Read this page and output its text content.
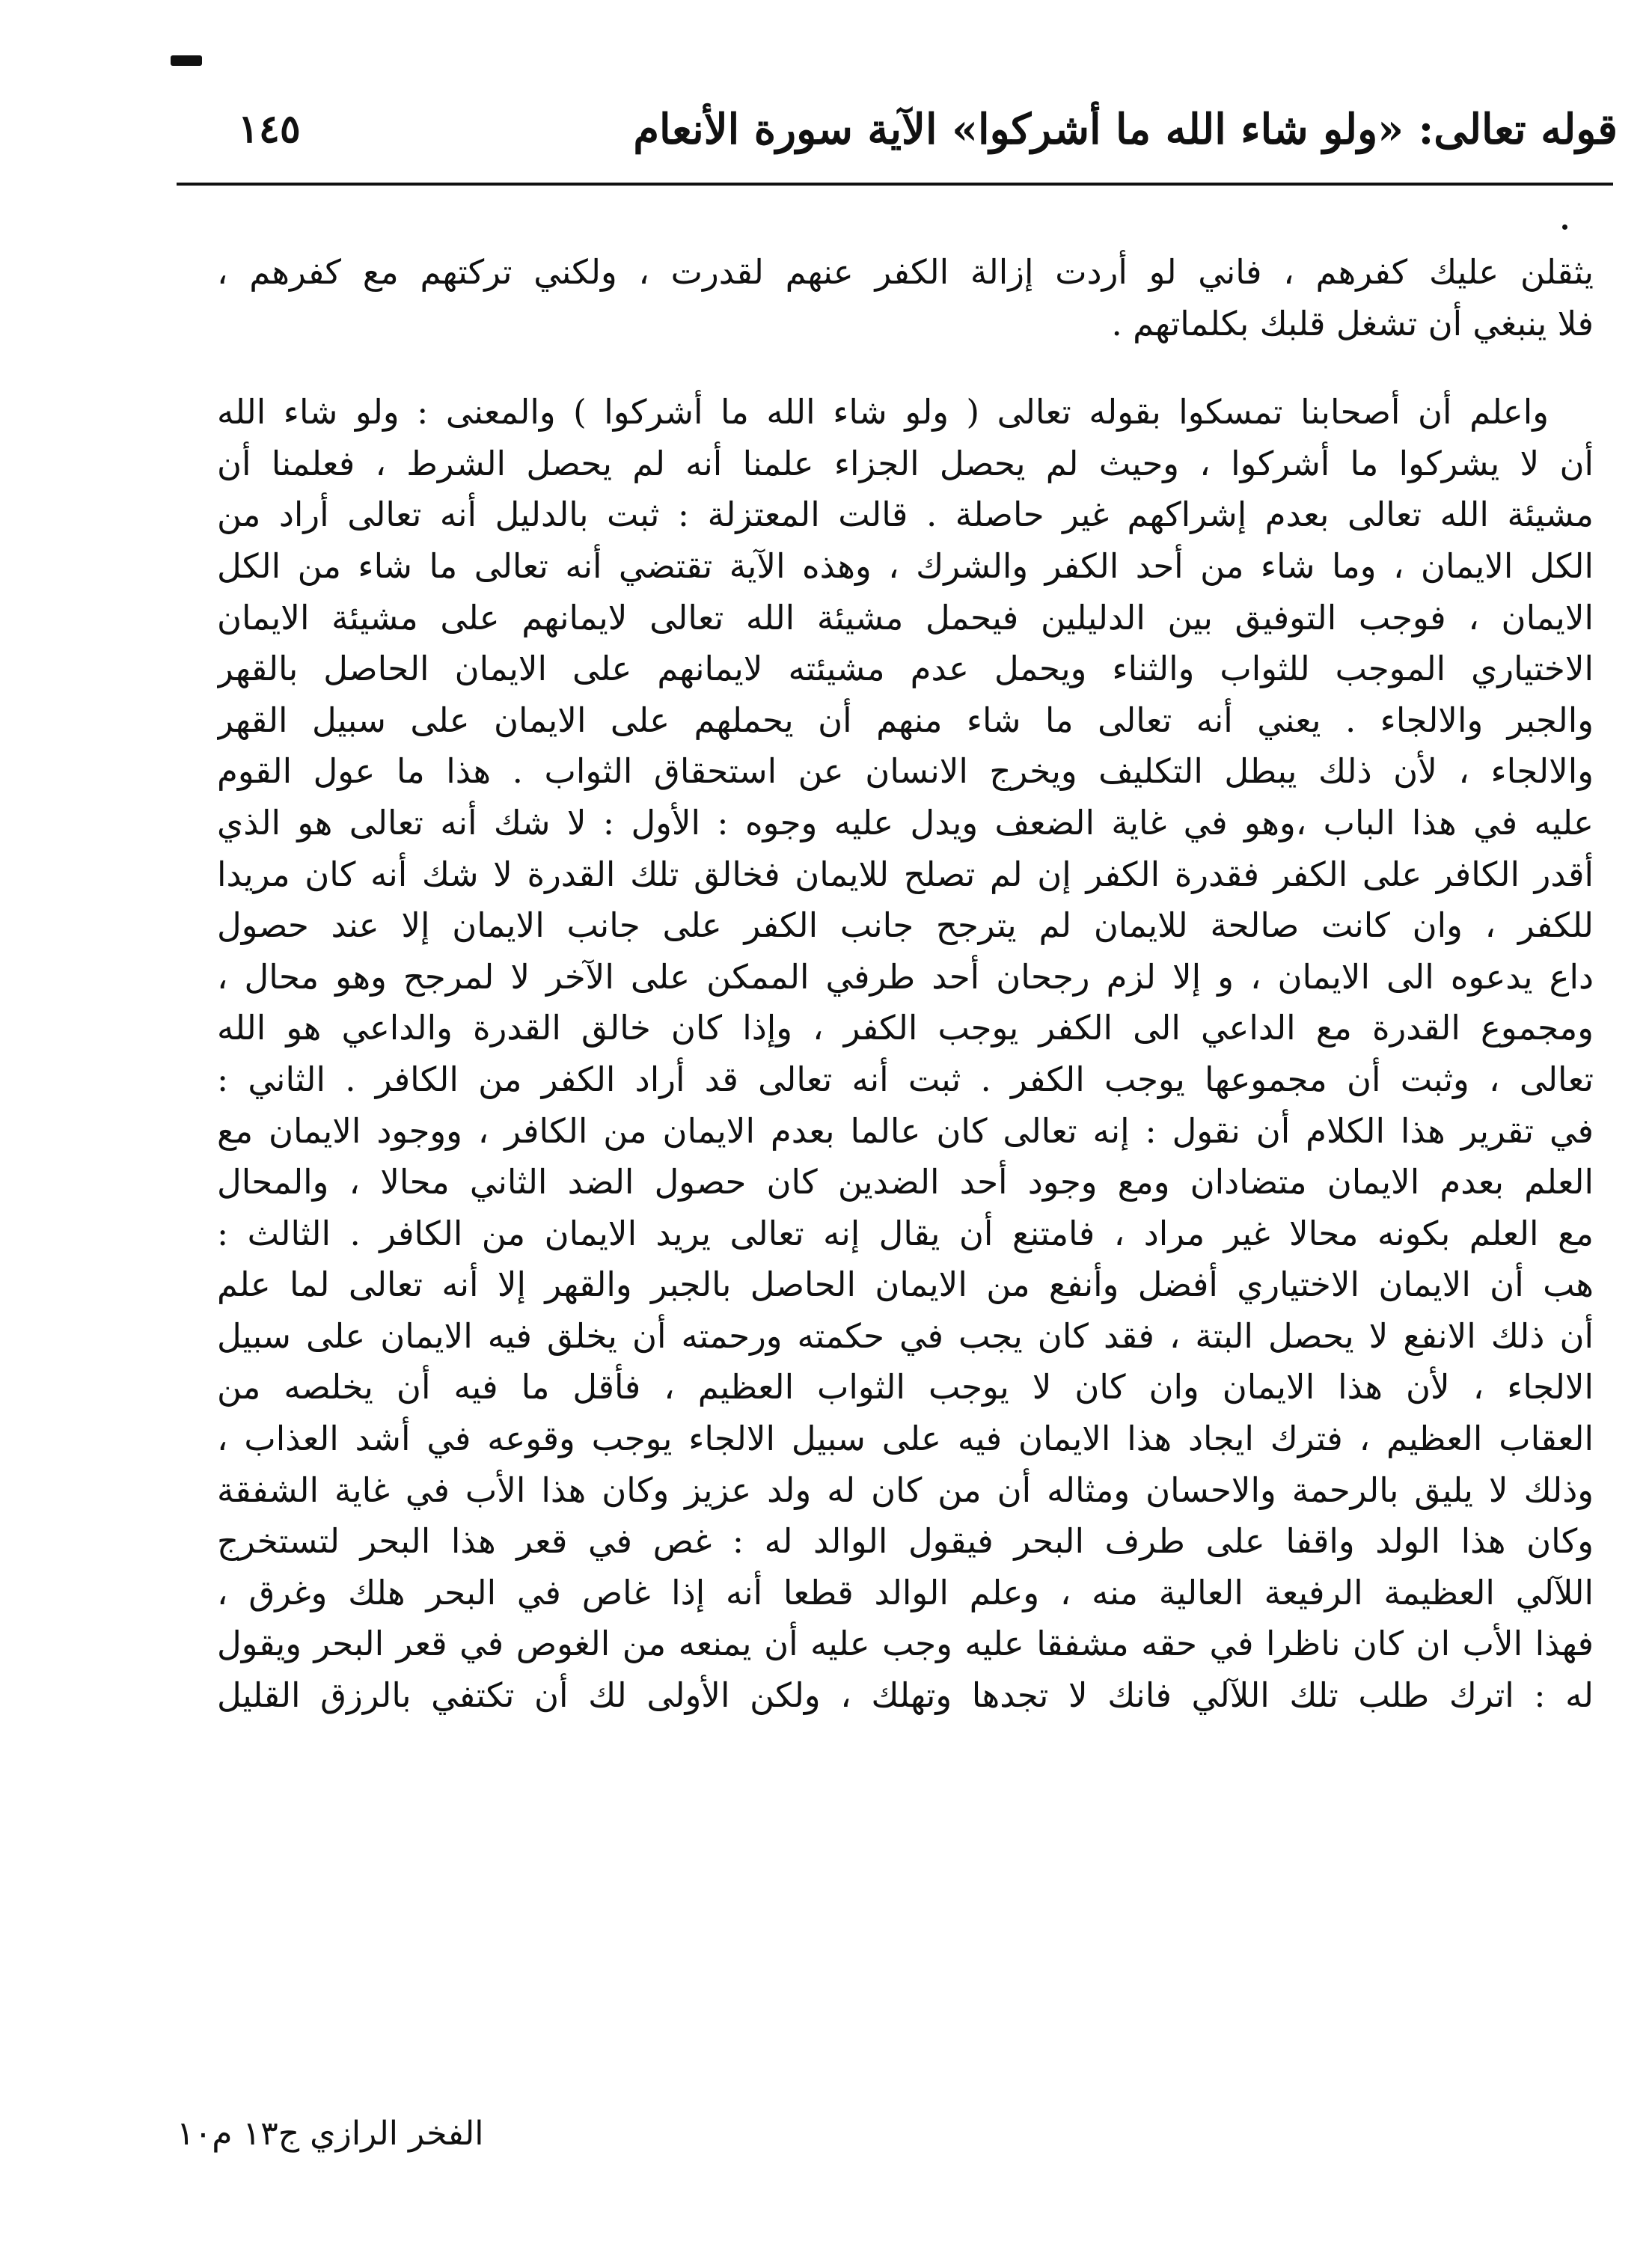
قوله تعالى: «ولو شاء الله ما أشركوا» الآية سورة الأنعام
١٤٥
يثقلن عليك كفرهم ، فاني لو أردت إزالة الكفر عنهم لقدرت ، ولكني تركتهم مع كفرهم ،
فلا ينبغي أن تشغل قلبك بكلماتهم .
واعلم أن أصحابنا تمسكوا بقوله تعالى ( ولو شاء الله ما أشركوا ) والمعنى : ولو شاء الله
أن لا يشركوا ما أشركوا ، وحيث لم يحصل الجزاء علمنا أنه لم يحصل الشرط ، فعلمنا أن
مشيئة الله تعالى بعدم إشراكهم غير حاصلة . قالت المعتزلة : ثبت بالدليل أنه تعالى أراد من
الكل الايمان ، وما شاء من أحد الكفر والشرك ، وهذه الآية تقتضي أنه تعالى ما شاء من الكل
الايمان ، فوجب التوفيق بين الدليلين فيحمل مشيئة الله تعالى لايمانهم على مشيئة الايمان
الاختياري الموجب للثواب والثناء ويحمل عدم مشيئته لايمانهم على الايمان الحاصل بالقهر
والجبر والالجاء . يعني أنه تعالى ما شاء منهم أن يحملهم على الايمان على سبيل القهر
والالجاء ، لأن ذلك يبطل التكليف ويخرج الانسان عن استحقاق الثواب . هذا ما عول القوم
عليه في هذا الباب ،وهو في غاية الضعف ويدل عليه وجوه : الأول : لا شك أنه تعالى هو الذي
أقدر الكافر على الكفر فقدرة الكفر إن لم تصلح للايمان فخالق تلك القدرة لا شك أنه كان مريدا
للكفر ، وان كانت صالحة للايمان لم يترجح جانب الكفر على جانب الايمان إلا عند حصول
داع يدعوه الى الايمان ، و إلا لزم رجحان أحد طرفي الممكن على الآخر لا لمرجح وهو محال ،
ومجموع القدرة مع الداعي الى الكفر يوجب الكفر ، وإذا كان خالق القدرة والداعي هو الله
تعالى ، وثبت أن مجموعها يوجب الكفر . ثبت أنه تعالى قد أراد الكفر من الكافر . الثاني :
في تقرير هذا الكلام أن نقول : إنه تعالى كان عالما بعدم الايمان من الكافر ، ووجود الايمان مع
العلم بعدم الايمان متضادان ومع وجود أحد الضدين كان حصول الضد الثاني محالا ، والمحال
مع العلم بكونه محالا غير مراد ، فامتنع أن يقال إنه تعالى يريد الايمان من الكافر . الثالث :
هب أن الايمان الاختياري أفضل وأنفع من الايمان الحاصل بالجبر والقهر إلا أنه تعالى لما علم
أن ذلك الانفع لا يحصل البتة ، فقد كان يجب في حكمته ورحمته أن يخلق فيه الايمان على سبيل
الالجاء ، لأن هذا الايمان وان كان لا يوجب الثواب العظيم ، فأقل ما فيه أن يخلصه من
العقاب العظيم ، فترك ايجاد هذا الايمان فيه على سبيل الالجاء يوجب وقوعه في أشد العذاب ،
وذلك لا يليق بالرحمة والاحسان ومثاله أن من كان له ولد عزيز وكان هذا الأب في غاية الشفقة
وكان هذا الولد واقفا على طرف البحر فيقول الوالد له : غص في قعر هذا البحر لتستخرج
اللآلي العظيمة الرفيعة العالية منه ، وعلم الوالد قطعا أنه إذا غاص في البحر هلك وغرق ،
فهذا الأب ان كان ناظرا في حقه مشفقا عليه وجب عليه أن يمنعه من الغوص في قعر البحر ويقول
له : اترك طلب تلك اللآلي فانك لا تجدها وتهلك ، ولكن الأولى لك أن تكتفي بالرزق القليل
الفخر الرازي ج١٣ م١٠
